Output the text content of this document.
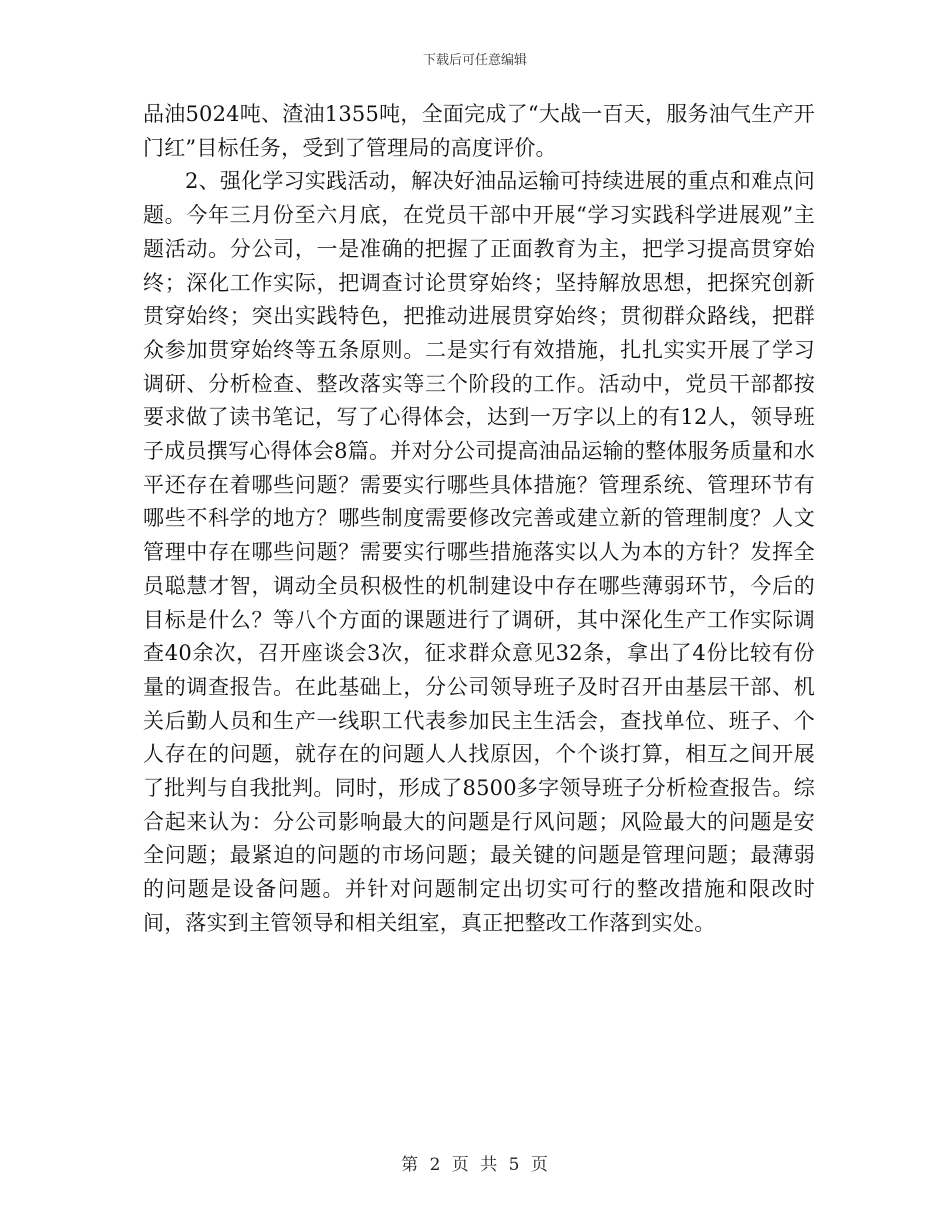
下载后可任意编辑

品油5024吨、渣油1355吨，全面完成了“大战一百天，服务油气生产开门红”目标任务，受到了管理局的高度评价。

2、强化学习实践活动，解决好油品运输可持续进展的重点和难点问题。今年三月份至六月底，在党员干部中开展“学习实践科学进展观”主题活动。分公司，一是准确的把握了正面教育为主，把学习提高贯穿始终；深化工作实际，把调查讨论贯穿始终；坚持解放思想，把探究创新贯穿始终；突出实践特色，把推动进展贯穿始终；贯彻群众路线，把群众参加贯穿始终等五条原则。二是实行有效措施，扎扎实实开展了学习调研、分析检查、整改落实等三个阶段的工作。活动中，党员干部都按要求做了读书笔记，写了心得体会，达到一万字以上的有12人，领导班子成员撰写心得体会8篇。并对分公司提高油品运输的整体服务质量和水平还存在着哪些问题？需要实行哪些具体措施？管理系统、管理环节有哪些不科学的地方？哪些制度需要修改完善或建立新的管理制度？人文管理中存在哪些问题？需要实行哪些措施落实以人为本的方针？发挥全员聪慧才智，调动全员积极性的机制建设中存在哪些薄弱环节，今后的目标是什么？等八个方面的课题进行了调研，其中深化生产工作实际调查40余次，召开座谈会3次，征求群众意见32条，拿出了4份比较有份量的调查报告。在此基础上，分公司领导班子及时召开由基层干部、机关后勤人员和生产一线职工代表参加民主生活会，查找单位、班子、个人存在的问题，就存在的问题人人找原因，个个谈打算，相互之间开展了批判与自我批判。同时，形成了8500多字领导班子分析检查报告。综合起来认为：分公司影响最大的问题是行风问题；风险最大的问题是安全问题；最紧迫的问题的市场问题；最关键的问题是管理问题；最薄弱的问题是设备问题。并针对问题制定出切实可行的整改措施和限改时间，落实到主管领导和相关组室，真正把整改工作落到实处。

第 2 页 共 5 页
